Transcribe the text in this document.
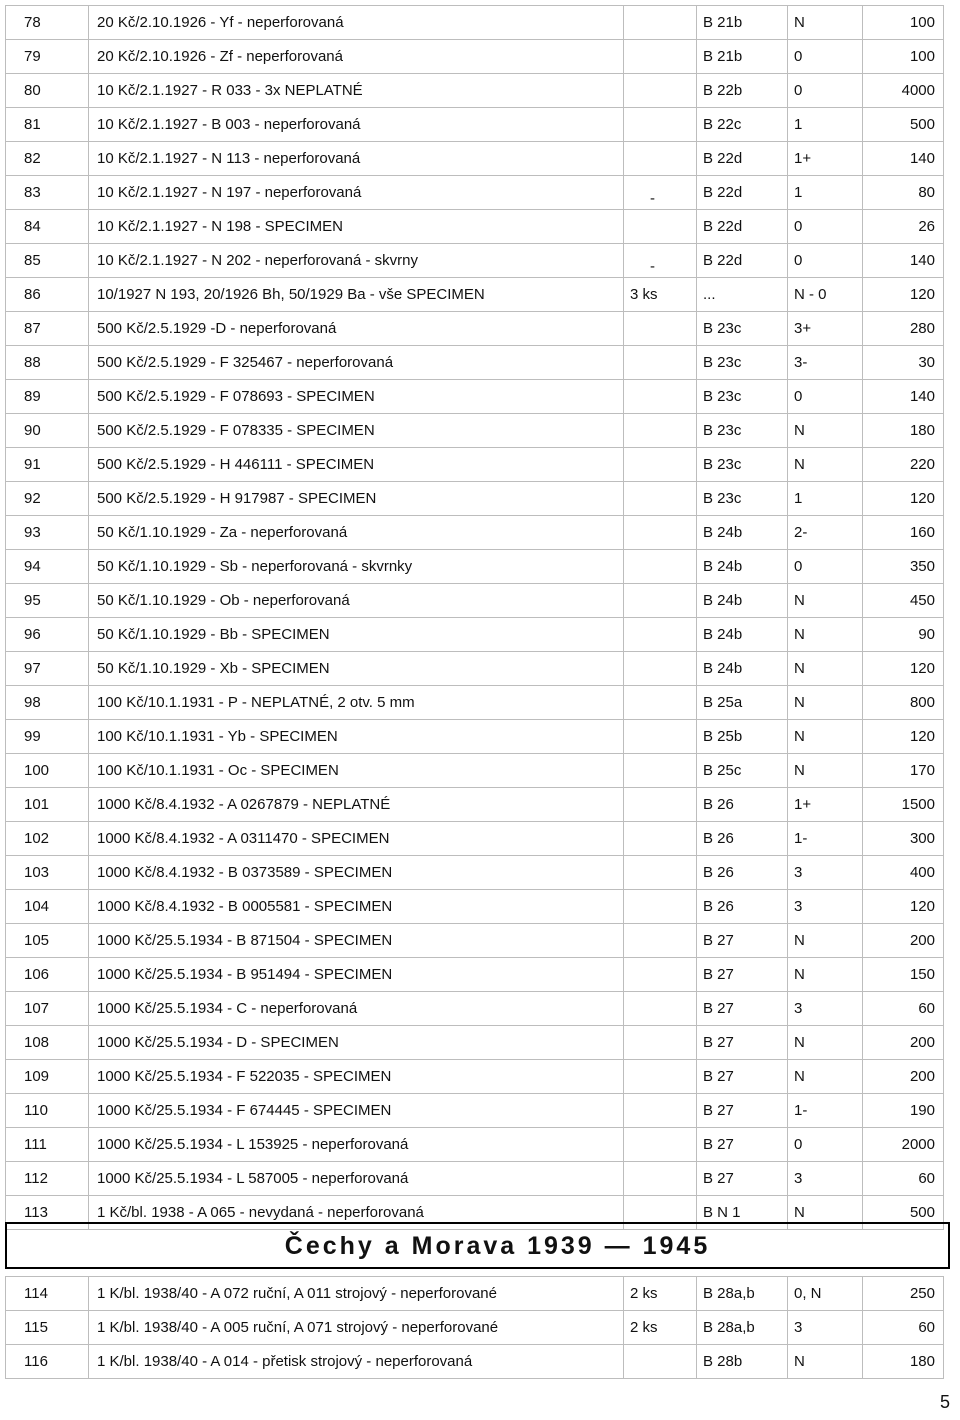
78	20 Kč/2.10.1926 - Yf - neperforovaná		B 21b	N	100
79	20 Kč/2.10.1926 - Zf - neperforovaná		B 21b	0	100
80	10 Kč/2.1.1927 - R 033 - 3x NEPLATNÉ		B 22b	0	4000
81	10 Kč/2.1.1927 - B 003 - neperforovaná		B 22c	1	500
82	10 Kč/2.1.1927 - N 113 - neperforovaná		B 22d	1+	140
83	10 Kč/2.1.1927 - N 197 - neperforovaná	-	B 22d	1	80
84	10 Kč/2.1.1927 - N 198 - SPECIMEN		B 22d	0	26
85	10 Kč/2.1.1927 - N 202 - neperforovaná - skvrny	-	B 22d	0	140
86	10/1927 N 193, 20/1926 Bh, 50/1929 Ba - vše SPECIMEN	3 ks	...	N - 0	120
87	500 Kč/2.5.1929 -D - neperforovaná		B 23c	3+	280
88	500 Kč/2.5.1929 - F 325467 - neperforovaná		B 23c	3-	30
89	500 Kč/2.5.1929 - F 078693 - SPECIMEN		B 23c	0	140
90	500 Kč/2.5.1929 - F 078335 - SPECIMEN		B 23c	N	180
91	500 Kč/2.5.1929 - H 446111 - SPECIMEN		B 23c	N	220
92	500 Kč/2.5.1929 - H 917987 - SPECIMEN		B 23c	1	120
93	50 Kč/1.10.1929 - Za - neperforovaná		B 24b	2-	160
94	50 Kč/1.10.1929 - Sb - neperforovaná - skvrnky		B 24b	0	350
95	50 Kč/1.10.1929 - Ob - neperforovaná		B 24b	N	450
96	50 Kč/1.10.1929 - Bb - SPECIMEN		B 24b	N	90
97	50 Kč/1.10.1929 - Xb - SPECIMEN		B 24b	N	120
98	100 Kč/10.1.1931 - P - NEPLATNÉ, 2 otv. 5 mm		B 25a	N	800
99	100 Kč/10.1.1931 - Yb - SPECIMEN		B 25b	N	120
100	100 Kč/10.1.1931 - Oc - SPECIMEN		B 25c	N	170
101	1000 Kč/8.4.1932 - A 0267879 - NEPLATNÉ		B 26	1+	1500
102	1000 Kč/8.4.1932 - A 0311470 - SPECIMEN		B 26	1-	300
103	1000 Kč/8.4.1932 - B 0373589 - SPECIMEN		B 26	3	400
104	1000 Kč/8.4.1932 - B 0005581 - SPECIMEN		B 26	3	120
105	1000 Kč/25.5.1934 - B 871504 - SPECIMEN		B 27	N	200
106	1000 Kč/25.5.1934 - B 951494 - SPECIMEN		B 27	N	150
107	1000 Kč/25.5.1934 - C - neperforovaná		B 27	3	60
108	1000 Kč/25.5.1934 - D - SPECIMEN		B 27	N	200
109	1000 Kč/25.5.1934 - F 522035 - SPECIMEN		B 27	N	200
110	1000 Kč/25.5.1934 - F 674445 - SPECIMEN		B 27	1-	190
111	1000 Kč/25.5.1934 - L 153925 - neperforovaná		B 27	0	2000
112	1000 Kč/25.5.1934 - L 587005 - neperforovaná		B 27	3	60
113	1 Kč/bl. 1938 - A 065 - nevydaná - neperforovaná		B N 1	N	500
Čechy a Morava 1939 — 1945
114	1 K/bl. 1938/40 - A 072 ruční, A 011 strojový - neperforované	2 ks	B 28a,b	0, N	250
115	1 K/bl. 1938/40 - A 005 ruční, A 071 strojový - neperforované	2 ks	B 28a,b	3	60
116	1 K/bl. 1938/40 - A 014 - přetisk strojový - neperforovaná		B 28b	N	180
5
